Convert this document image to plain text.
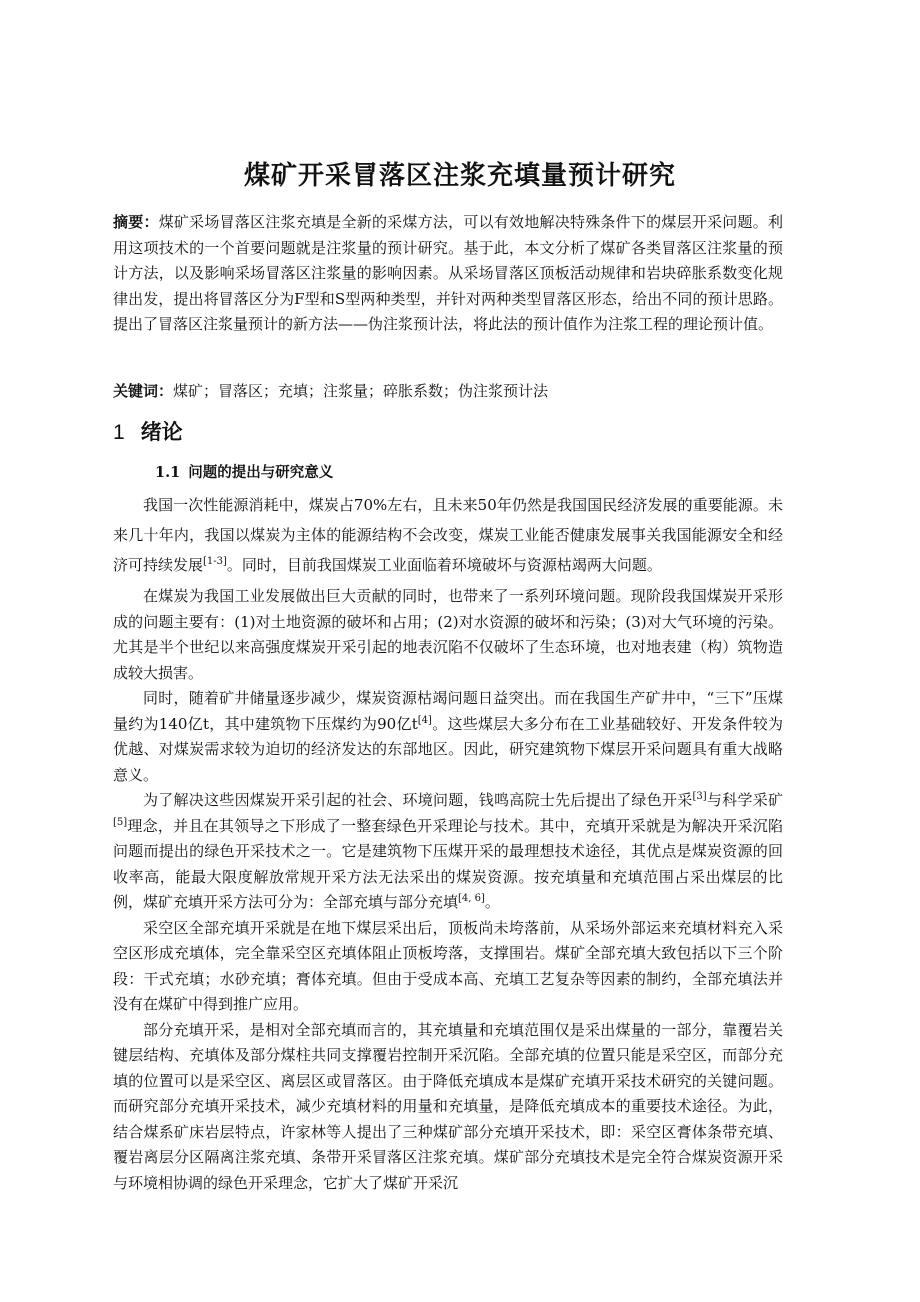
煤矿开采冒落区注浆充填量预计研究
摘要：煤矿采场冒落区注浆充填是全新的采煤方法，可以有效地解决特殊条件下的煤层开采问题。利用这项技术的一个首要问题就是注浆量的预计研究。基于此，本文分析了煤矿各类冒落区注浆量的预计方法，以及影响采场冒落区注浆量的影响因素。从采场冒落区顶板活动规律和岩块碎胀系数变化规律出发，提出将冒落区分为F型和S型两种类型，并针对两种类型冒落区形态，给出不同的预计思路。提出了冒落区注浆量预计的新方法——伪注浆预计法，将此法的预计值作为注浆工程的理论预计值。
关键词：煤矿；冒落区；充填；注浆量；碎胀系数；伪注浆预计法
1 绪论
1.1 问题的提出与研究意义

我国一次性能源消耗中，煤炭占70%左右，且未来50年仍然是我国国民经济发展的重要能源。未来几十年内，我国以煤炭为主体的能源结构不会改变，煤炭工业能否健康发展事关我国能源安全和经济可持续发展[1-3]。同时，目前我国煤炭工业面临着环境破坏与资源枯竭两大问题。

在煤炭为我国工业发展做出巨大贡献的同时，也带来了一系列环境问题。现阶段我国煤炭开采形成的问题主要有：(1)对土地资源的破坏和占用；(2)对水资源的破坏和污染；(3)对大气环境的污染。尤其是半个世纪以来高强度煤炭开采引起的地表沉陷不仅破坏了生态环境，也对地表建（构）筑物造成较大损害。

同时，随着矿井储量逐步减少，煤炭资源枯竭问题日益突出。而在我国生产矿井中，“三下”压煤量约为140亿t，其中建筑物下压煤约为90亿t[4]。这些煤层大多分布在工业基础较好、开发条件较为优越、对煤炭需求较为迫切的经济发达的东部地区。因此，研究建筑物下煤层开采问题具有重大战略意义。

为了解决这些因煤炭开采引起的社会、环境问题，钱鸣高院士先后提出了绿色开采[3]与科学采矿[5]理念，并且在其领导之下形成了一整套绿色开采理论与技术。其中，充填开采就是为解决开采沉陷问题而提出的绿色开采技术之一。它是建筑物下压煤开采的最理想技术途径，其优点是煤炭资源的回收率高，能最大限度解放常规开采方法无法采出的煤炭资源。按充填量和充填范围占采出煤层的比例，煤矿充填开采方法可分为：全部充填与部分充填[4, 6]。

采空区全部充填开采就是在地下煤层采出后，顶板尚未垮落前，从采场外部运来充填材料充入采空区形成充填体，完全靠采空区充填体阻止顶板垮落，支撑围岩。煤矿全部充填大致包括以下三个阶段：干式充填；水砂充填；膏体充填。但由于受成本高、充填工艺复杂等因素的制约，全部充填法并没有在煤矿中得到推广应用。

部分充填开采，是相对全部充填而言的，其充填量和充填范围仅是采出煤量的一部分，靠覆岩关键层结构、充填体及部分煤柱共同支撑覆岩控制开采沉陷。全部充填的位置只能是采空区，而部分充填的位置可以是采空区、离层区或冒落区。由于降低充填成本是煤矿充填开采技术研究的关键问题。而研究部分充填开采技术，减少充填材料的用量和充填量，是降低充填成本的重要技术途径。为此，结合煤系矿床岩层特点，许家林等人提出了三种煤矿部分充填开采技术，即：采空区膏体条带充填、覆岩离层分区隔离注浆充填、条带开采冒落区注浆充填。煤矿部分充填技术是完全符合煤炭资源开采与环境相协调的绿色开采理念，它扩大了煤矿开采沉
